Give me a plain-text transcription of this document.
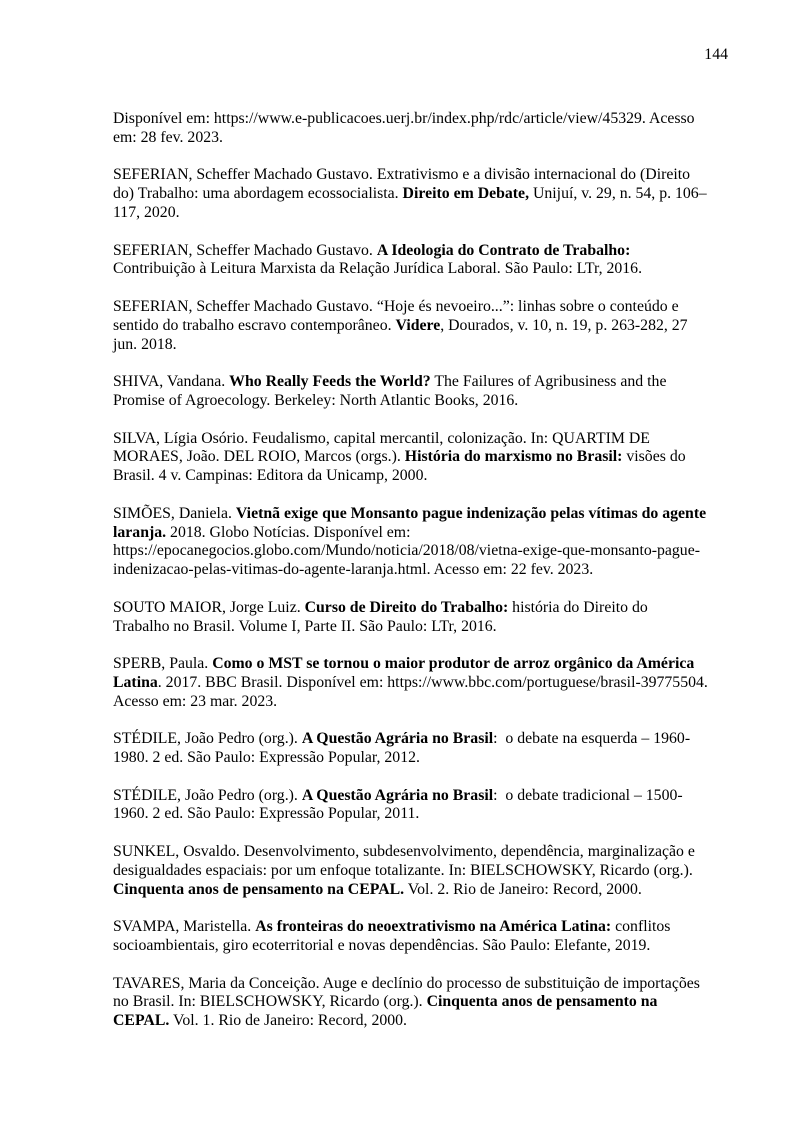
144

Disponível em: https://www.e-publicacoes.uerj.br/index.php/rdc/article/view/45329. Acesso
em: 28 fev. 2023.

SEFERIAN, Scheffer Machado Gustavo. Extrativismo e a divisão internacional do (Direito
do) Trabalho: uma abordagem ecossocialista. Direito em Debate, Unijuí, v. 29, n. 54, p. 106–
117, 2020.

SEFERIAN, Scheffer Machado Gustavo. A Ideologia do Contrato de Trabalho:
Contribuição à Leitura Marxista da Relação Jurídica Laboral. São Paulo: LTr, 2016.

SEFERIAN, Scheffer Machado Gustavo. “Hoje és nevoeiro...”: linhas sobre o conteúdo e
sentido do trabalho escravo contemporâneo. Videre, Dourados, v. 10, n. 19, p. 263-282, 27
jun. 2018.

SHIVA, Vandana. Who Really Feeds the World? The Failures of Agribusiness and the
Promise of Agroecology. Berkeley: North Atlantic Books, 2016.

SILVA, Lígia Osório. Feudalismo, capital mercantil, colonização. In: QUARTIM DE
MORAES, João. DEL ROIO, Marcos (orgs.). História do marxismo no Brasil: visões do
Brasil. 4 v. Campinas: Editora da Unicamp, 2000.

SIMÕES, Daniela. Vietnã exige que Monsanto pague indenização pelas vítimas do agente
laranja. 2018. Globo Notícias. Disponível em:
https://epocanegocios.globo.com/Mundo/noticia/2018/08/vietna-exige-que-monsanto-pague-
indenizacao-pelas-vitimas-do-agente-laranja.html. Acesso em: 22 fev. 2023.

SOUTO MAIOR, Jorge Luiz. Curso de Direito do Trabalho: história do Direito do
Trabalho no Brasil. Volume I, Parte II. São Paulo: LTr, 2016.

SPERB, Paula. Como o MST se tornou o maior produtor de arroz orgânico da América
Latina. 2017. BBC Brasil. Disponível em: https://www.bbc.com/portuguese/brasil-39775504.
Acesso em: 23 mar. 2023.

STÉDILE, João Pedro (org.). A Questão Agrária no Brasil:  o debate na esquerda – 1960-
1980. 2 ed. São Paulo: Expressão Popular, 2012.

STÉDILE, João Pedro (org.). A Questão Agrária no Brasil:  o debate tradicional – 1500-
1960. 2 ed. São Paulo: Expressão Popular, 2011.

SUNKEL, Osvaldo. Desenvolvimento, subdesenvolvimento, dependência, marginalização e
desigualdades espaciais: por um enfoque totalizante. In: BIELSCHOWSKY, Ricardo (org.).
Cinquenta anos de pensamento na CEPAL. Vol. 2. Rio de Janeiro: Record, 2000.

SVAMPA, Maristella. As fronteiras do neoextrativismo na América Latina: conflitos
socioambientais, giro ecoterritorial e novas dependências. São Paulo: Elefante, 2019.

TAVARES, Maria da Conceição. Auge e declínio do processo de substituição de importações
no Brasil. In: BIELSCHOWSKY, Ricardo (org.). Cinquenta anos de pensamento na
CEPAL. Vol. 1. Rio de Janeiro: Record, 2000.
